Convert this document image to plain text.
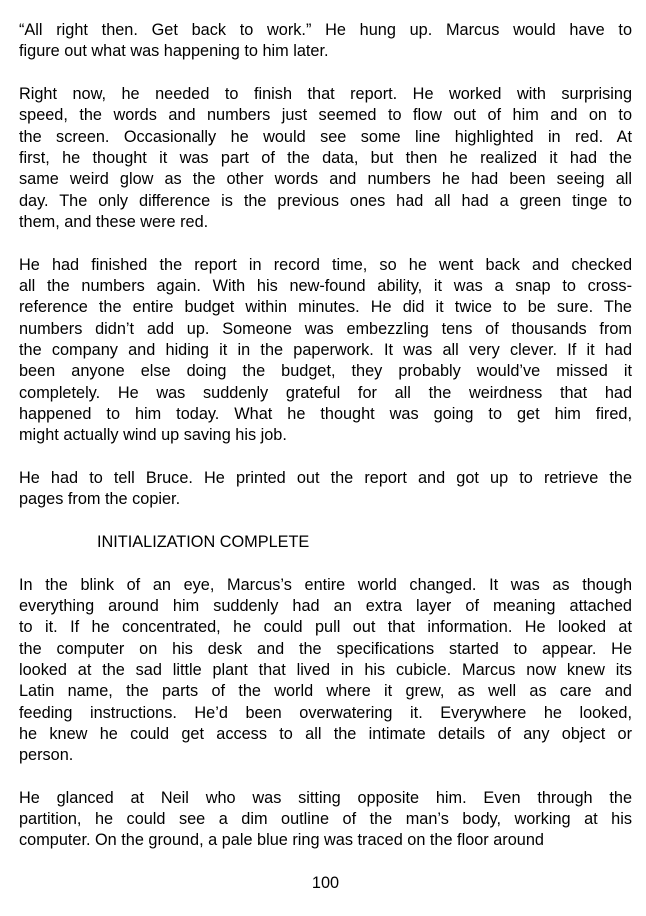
“All right then. Get back to work.” He hung up. Marcus would have to
figure out what was happening to him later.
Right now, he needed to finish that report. He worked with surprising
speed, the words and numbers just seemed to flow out of him and on to
the screen. Occasionally he would see some line highlighted in red. At
first, he thought it was part of the data, but then he realized it had the
same weird glow as the other words and numbers he had been seeing all
day. The only difference is the previous ones had all had a green tinge to
them, and these were red.
He had finished the report in record time, so he went back and checked
all the numbers again. With his new-found ability, it was a snap to cross-
reference the entire budget within minutes. He did it twice to be sure. The
numbers didn’t add up. Someone was embezzling tens of thousands from
the company and hiding it in the paperwork. It was all very clever. If it had
been anyone else doing the budget, they probably would’ve missed it
completely. He was suddenly grateful for all the weirdness that had
happened to him today. What he thought was going to get him fired,
might actually wind up saving his job.
He had to tell Bruce. He printed out the report and got up to retrieve the
pages from the copier.
INITIALIZATION COMPLETE
In the blink of an eye, Marcus’s entire world changed. It was as though
everything around him suddenly had an extra layer of meaning attached
to it. If he concentrated, he could pull out that information. He looked at
the computer on his desk and the specifications started to appear. He
looked at the sad little plant that lived in his cubicle. Marcus now knew its
Latin name, the parts of the world where it grew, as well as care and
feeding instructions. He’d been overwatering it. Everywhere he looked,
he knew he could get access to all the intimate details of any object or
person.
He glanced at Neil who was sitting opposite him. Even through the
partition, he could see a dim outline of the man’s body, working at his
computer. On the ground, a pale blue ring was traced on the floor around
100
